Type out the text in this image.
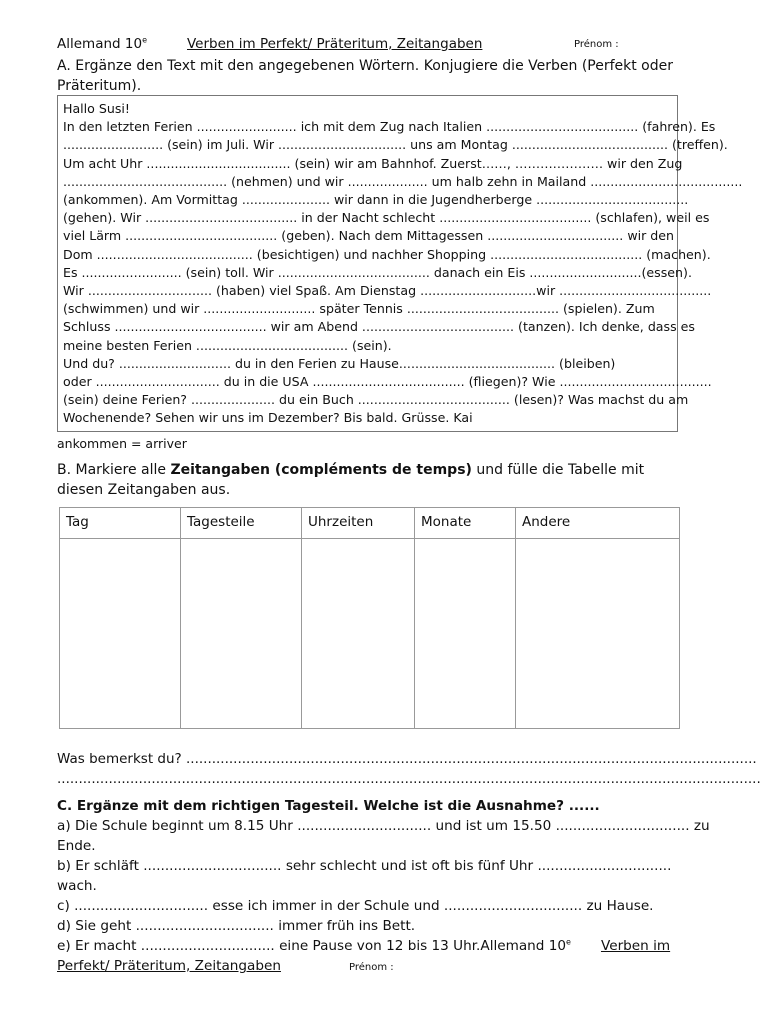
Allemand 10e	Verben im Perfekt/ Präteritum, Zeitangaben	Prénom :
A. Ergänze den Text mit den angegebenen Wörtern. Konjugiere die Verben (Perfekt oder Präteritum).
Hallo Susi!
In den letzten Ferien ......................... ich mit dem Zug nach Italien ...................................... (fahren). Es
......................... (sein) im Juli. Wir ................................ uns am Montag ....................................... (treffen).
Um acht Uhr .................................... (sein) wir am Bahnhof. Zuerst……, ………………… wir den Zug
......................................... (nehmen) und wir .................... um halb zehn in Mailand ......................................
(ankommen). Am Vormittag ...................... wir dann in die Jugendherberge ......................................
(gehen). Wir ...................................... in der Nacht schlecht ...................................... (schlafen), weil es
viel Lärm ...................................... (geben). Nach dem Mittagessen .................................. wir den
Dom ....................................... (besichtigen) und nachher Shopping ...................................... (machen).
Es ......................... (sein) toll. Wir ...................................... danach ein Eis ............................(essen).
Wir ............................... (haben) viel Spaß. Am Dienstag .............................wir ......................................
(schwimmen) und wir ............................ später Tennis ...................................... (spielen). Zum
Schluss ...................................... wir am Abend ...................................... (tanzen). Ich denke, dass es
meine besten Ferien ...................................... (sein).
Und du? ............................ du in den Ferien zu Hause....................................... (bleiben)
oder ............................... du in die USA ...................................... (fliegen)? Wie ......................................
(sein) deine Ferien? ..................... du ein Buch ...................................... (lesen)? Was machst du am
Wochenende? Sehen wir uns im Dezember? Bis bald. Grüsse. Kai
ankommen = arriver
B. Markiere alle Zeitangaben (compléments de temps) und fülle die Tabelle mit diesen Zeitangaben aus.
Tag	Tagesteile	Uhrzeiten	Monate	Andere

Was bemerkst du? .....................................................................................................................................
....................................................................................................................................................................
C. Ergänze mit dem richtigen Tagesteil. Welche ist die Ausnahme? ......
a) Die Schule beginnt um 8.15 Uhr ............................... und ist um 15.50 ............................... zu
Ende.
b) Er schläft ................................ sehr schlecht und ist oft bis fünf Uhr ...............................
wach.
c) ............................... esse ich immer in der Schule und ................................ zu Hause.
d) Sie geht ................................ immer früh ins Bett.
e) Er macht ............................... eine Pause von 12 bis 13 Uhr.Allemand 10e Verben im
Perfekt/ Präteritum, Zeitangaben	Prénom :
